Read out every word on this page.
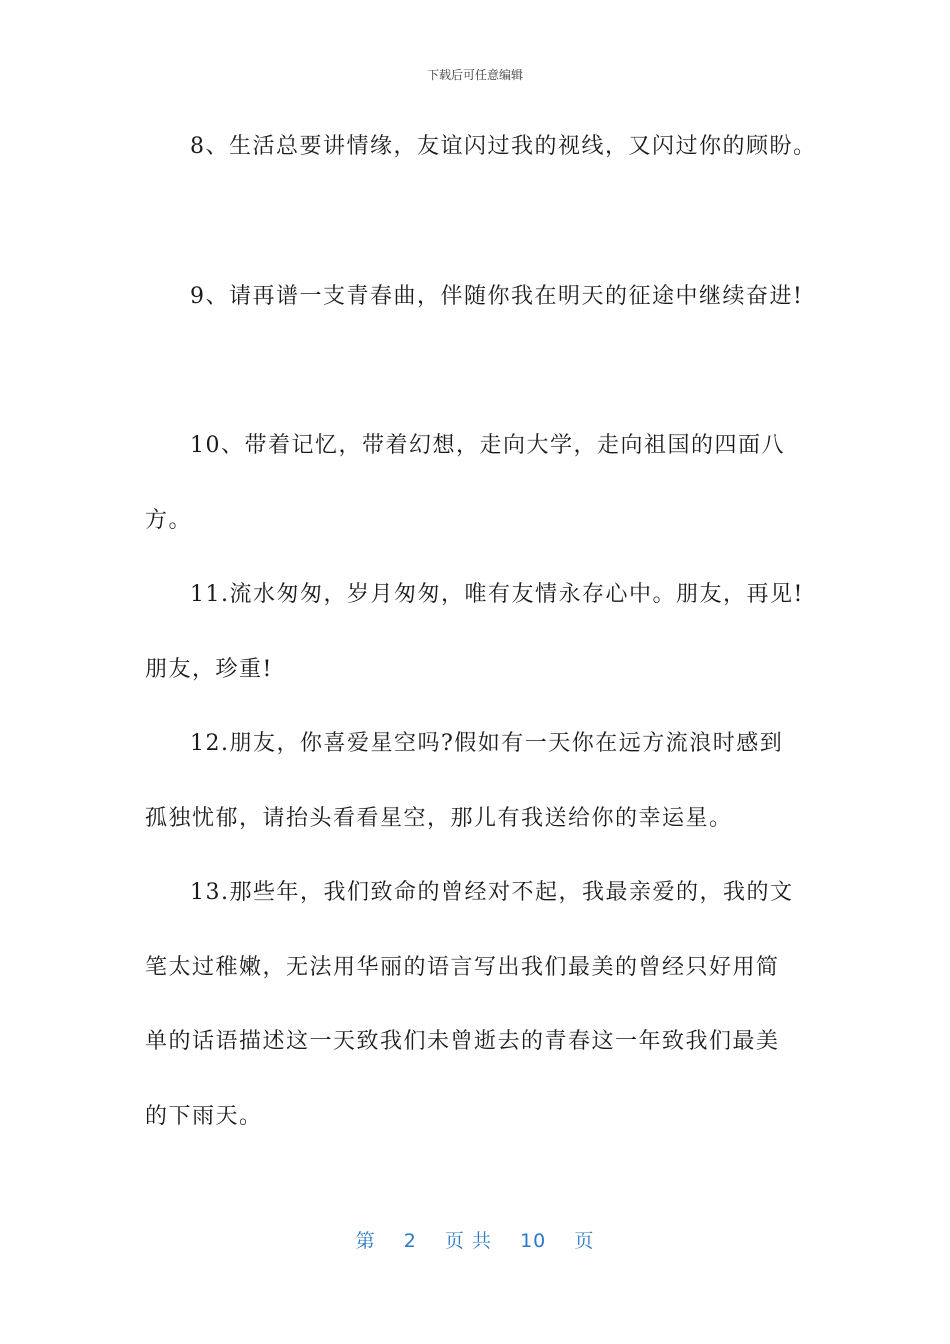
下载后可任意编辑
8、生活总要讲情缘，友谊闪过我的视线，又闪过你的顾盼。
9、请再谱一支青春曲，伴随你我在明天的征途中继续奋进!
10、带着记忆，带着幻想，走向大学，走向祖国的四面八
方。
11.流水匆匆，岁月匆匆，唯有友情永存心中。朋友，再见!
朋友，珍重!
12.朋友，你喜爱星空吗?假如有一天你在远方流浪时感到
孤独忧郁，请抬头看看星空，那儿有我送给你的幸运星。
13.那些年，我们致命的曾经对不起，我最亲爱的，我的文
笔太过稚嫩，无法用华丽的语言写出我们最美的曾经只好用简
单的话语描述这一天致我们未曾逝去的青春这一年致我们最美
的下雨天。
第 2 页 共 10 页
